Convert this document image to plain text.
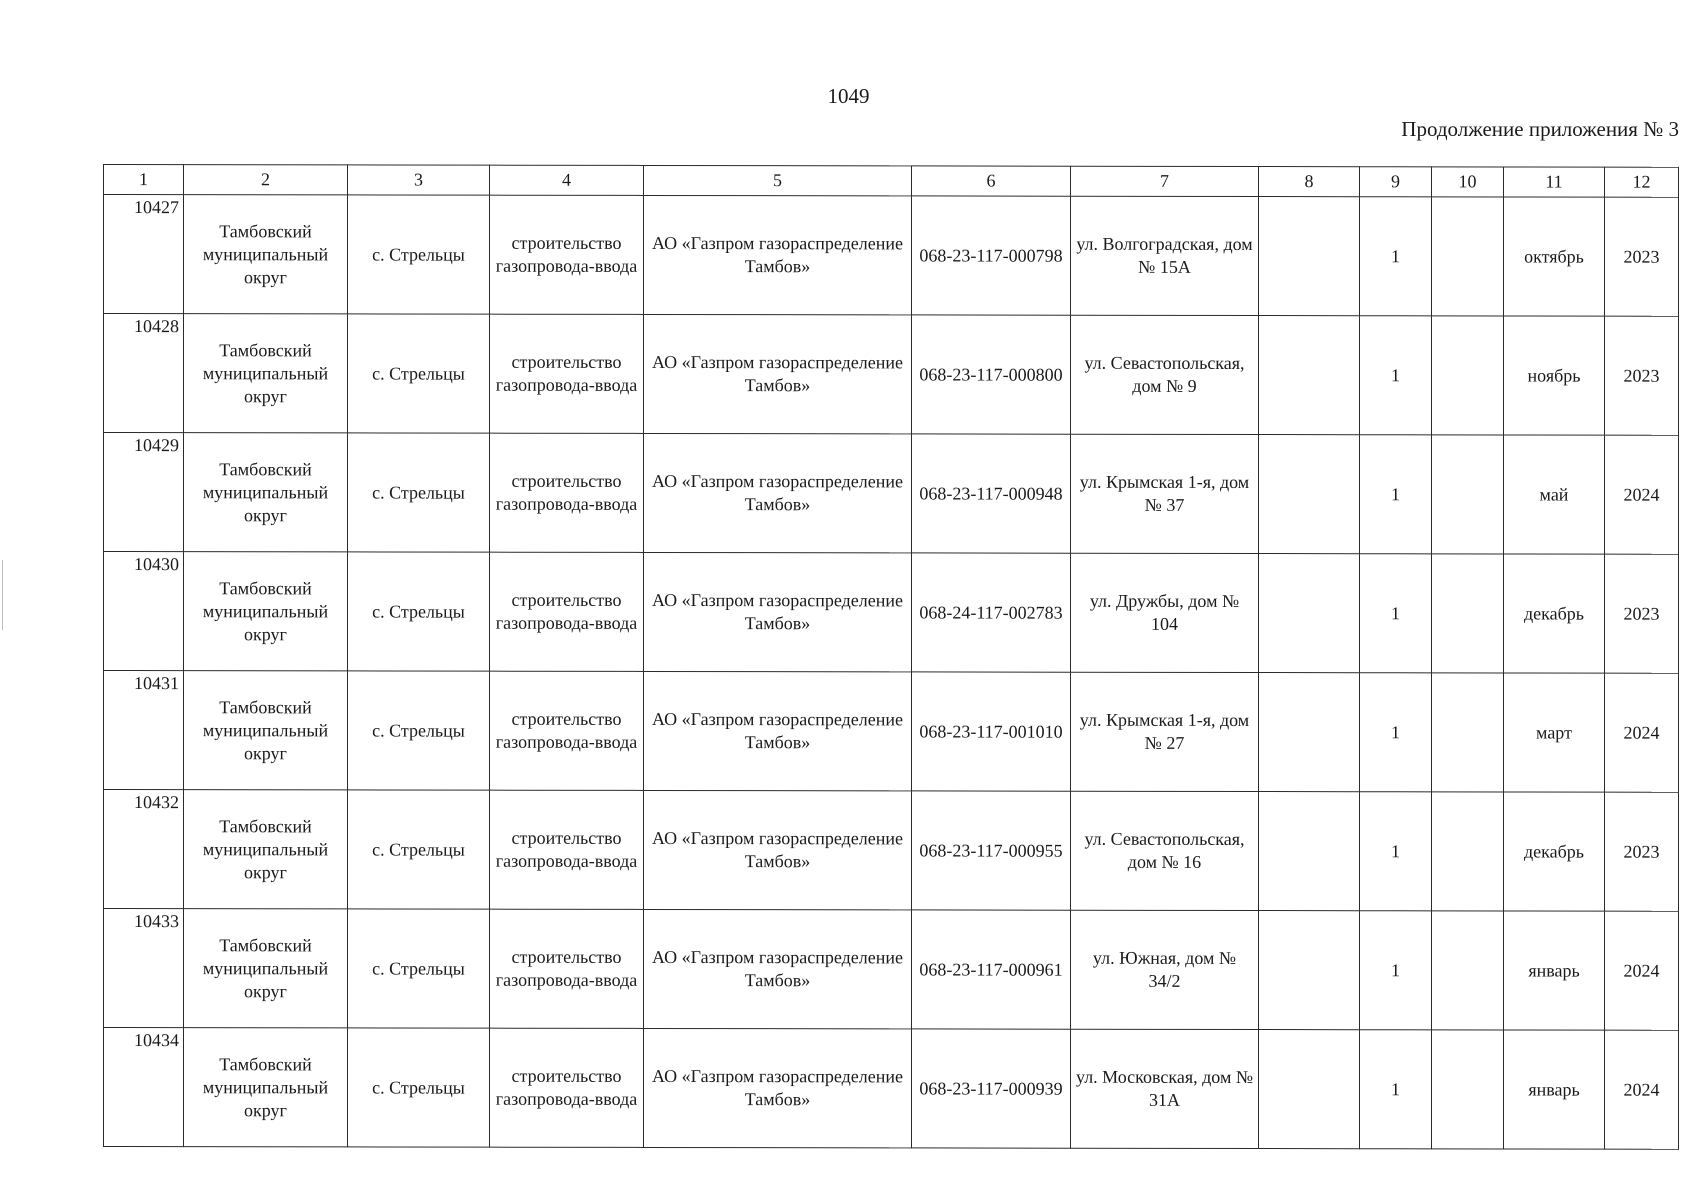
1049
Продолжение приложения № 3
1	2	3	4	5	6	7	8	9	10	11	12
10427	Тамбовский муниципальный округ	с. Стрельцы	строительство газопровода-ввода	АО «Газпром газораспределение Тамбов»	068-23-117-000798	ул. Волгоградская, дом № 15А		1		октябрь	2023
10428	Тамбовский муниципальный округ	с. Стрельцы	строительство газопровода-ввода	АО «Газпром газораспределение Тамбов»	068-23-117-000800	ул. Севастопольская, дом № 9		1		ноябрь	2023
10429	Тамбовский муниципальный округ	с. Стрельцы	строительство газопровода-ввода	АО «Газпром газораспределение Тамбов»	068-23-117-000948	ул. Крымская 1-я, дом № 37		1		май	2024
10430	Тамбовский муниципальный округ	с. Стрельцы	строительство газопровода-ввода	АО «Газпром газораспределение Тамбов»	068-24-117-002783	ул. Дружбы, дом № 104		1		декабрь	2023
10431	Тамбовский муниципальный округ	с. Стрельцы	строительство газопровода-ввода	АО «Газпром газораспределение Тамбов»	068-23-117-001010	ул. Крымская 1-я, дом № 27		1		март	2024
10432	Тамбовский муниципальный округ	с. Стрельцы	строительство газопровода-ввода	АО «Газпром газораспределение Тамбов»	068-23-117-000955	ул. Севастопольская, дом № 16		1		декабрь	2023
10433	Тамбовский муниципальный округ	с. Стрельцы	строительство газопровода-ввода	АО «Газпром газораспределение Тамбов»	068-23-117-000961	ул. Южная, дом № 34/2		1		январь	2024
10434	Тамбовский муниципальный округ	с. Стрельцы	строительство газопровода-ввода	АО «Газпром газораспределение Тамбов»	068-23-117-000939	ул. Московская, дом № 31А		1		январь	2024
